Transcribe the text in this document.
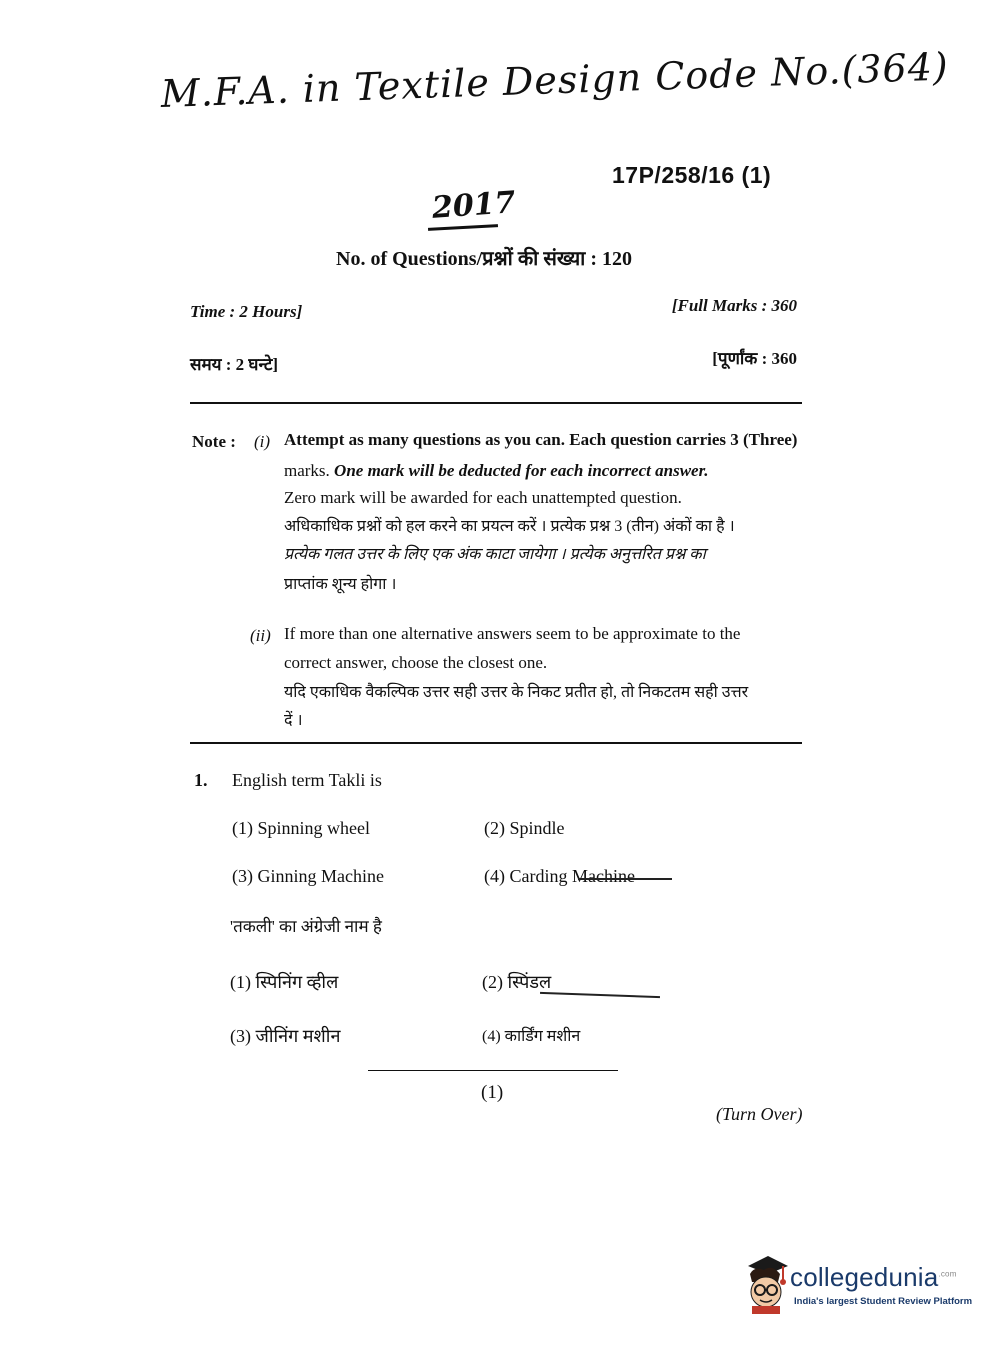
M.F.A. in Textile Design Code No.(364)
17P/258/16 (1)
2017
No. of Questions/प्रश्नों की संख्या : 120
Time : 2 Hours]	[Full Marks : 360
समय : 2 घन्टे]	[पूर्णांक : 360
Note : (i) Attempt as many questions as you can. Each question carries 3 (Three)
marks. One mark will be deducted for each incorrect answer.
Zero mark will be awarded for each unattempted question.
अधिकाधिक प्रश्नों को हल करने का प्रयत्न करें । प्रत्येक प्रश्न 3 (तीन) अंकों का है ।
प्रत्येक गलत उत्तर के लिए एक अंक काटा जायेगा । प्रत्येक अनुत्तरित प्रश्न का
प्राप्तांक शून्य होगा ।
(ii) If more than one alternative answers seem to be approximate to the
correct answer, choose the closest one.
यदि एकाधिक वैकल्पिक उत्तर सही उत्तर के निकट प्रतीत हो, तो निकटतम सही उत्तर
दें ।
1. English term Takli is
(1) Spinning wheel	(2) Spindle
(3) Ginning Machine	(4) Carding Machine
'तकली' का अंग्रेजी नाम है
(1) स्पिनिंग व्हील	(2) स्पिंडल
(3) जीनिंग मशीन	(4) कार्डिंग मशीन
(1)
(Turn Over)
collegedunia$^{.com}$
India's largest Student Review Platform
